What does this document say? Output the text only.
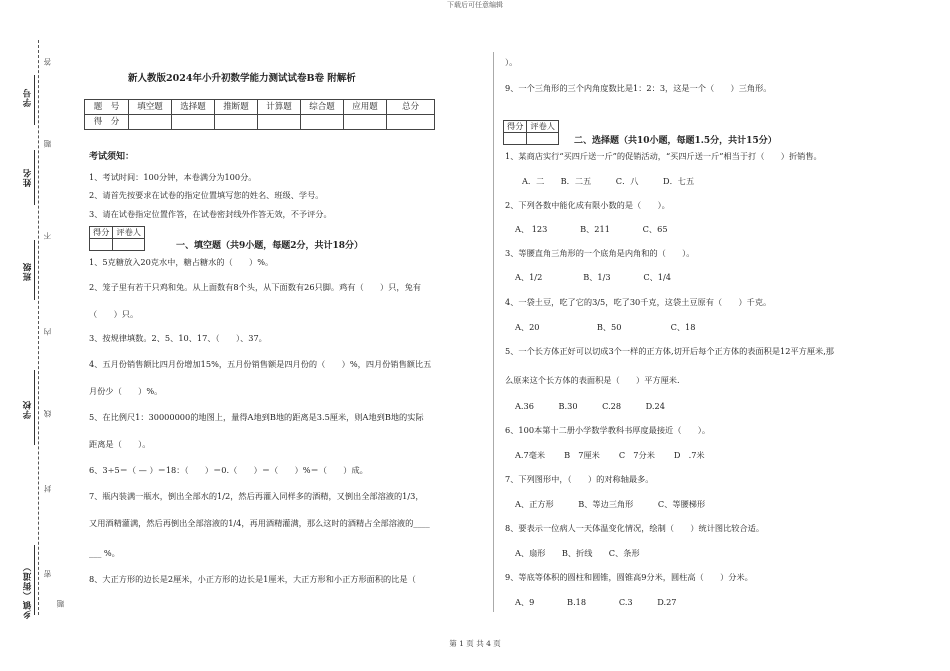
下载后可任意编辑
学号
姓名
班级
学校
乡镇（街道）
答
题
不
内
线
封
密
题
新人教版2024年小升初数学能力测试试卷B卷 附解析
题　号	填空题	选择题	推断题	计算题	综合题	应用题	总分
得　分							
考试须知：
1、考试时间：100分钟，本卷满分为100分。
2、请首先按要求在试卷的指定位置填写您的姓名、班级、学号。
3、请在试卷指定位置作答，在试卷密封线外作答无效，不予评分。
得分	评卷人

一、填空题（共9小题，每题2分，共计18分）
1、5克糖放入20克水中，糖占糖水的（　　）%。
2、笼子里有若干只鸡和兔。从上面数有8个头，从下面数有26只脚。鸡有（　　）只，兔有
（　　）只。
3、按规律填数。2、5、10、17、（　　）、37。
4、五月份销售额比四月份增加15%，五月份销售额是四月份的（　　）%，四月份销售额比五
月份少（　　）%。
5、在比例尺1：30000000的地图上，量得A地到B地的距离是3.5厘米，则A地到B地的实际
距离是（　　）。
6、3÷5＝（ — ）＝18：（　　）＝0.（　　）＝（　　）%＝（　　）成。
7、瓶内装满一瓶水，倒出全部水的1/2，然后再灌入同样多的酒精，又倒出全部溶液的1/3，
又用酒精灌满，然后再倒出全部溶液的1/4，再用酒精灌满，那么这时的酒精占全部溶液的____
___ %。
8、大正方形的边长是2厘米，小正方形的边长是1厘米，大正方形和小正方形面积的比是（
）。
9、一个三角形的三个内角度数比是1：2：3，这是一个（　　）三角形。
得分	评卷人

二、选择题（共10小题，每题1.5分，共计15分）
1、某商店实行“买四斤送一斤”的促销活动，“买四斤送一斤”相当于打（　　）折销售。
A．二　　B．二五　　　C．八　　　D．七五
2、下列各数中能化成有限小数的是（　　）。
A、 123　　　　B、211　　　　C、65
3、等腰直角三角形的一个底角是内角和的（　　）。
A、1/2　　　　　B、1/3　　　　C、1/4
4、一袋土豆，吃了它的3/5，吃了30千克，这袋土豆原有（　　）千克。
A、20　　　　　　　B、50　　　　　　C、18
5、一个长方体正好可以切成3个一样的正方体,切开后每个正方体的表面积是12平方厘米,那
么原来这个长方体的表面积是（　　）平方厘米.
A.36　　　B.30　　　C.28　　　D.24
6、100本第十二册小学数学教科书厚度最接近（　　）。
A.7毫米　　 B　7厘米　　 C　7分米　　 D　.7米
7、下列图形中，（　　）的对称轴最多。
A、正方形　　　B、等边三角形　　　C、等腰梯形
8、要表示一位病人一天体温变化情况，绘制（　　）统计图比较合适。
A、扇形　　B、折线　　C、条形
9、等底等体积的圆柱和圆锥，圆锥高9分米，圆柱高（　　）分米。
A、9　　　　B.18　　　　C.3　　　D.27
第 1 页 共 4 页
